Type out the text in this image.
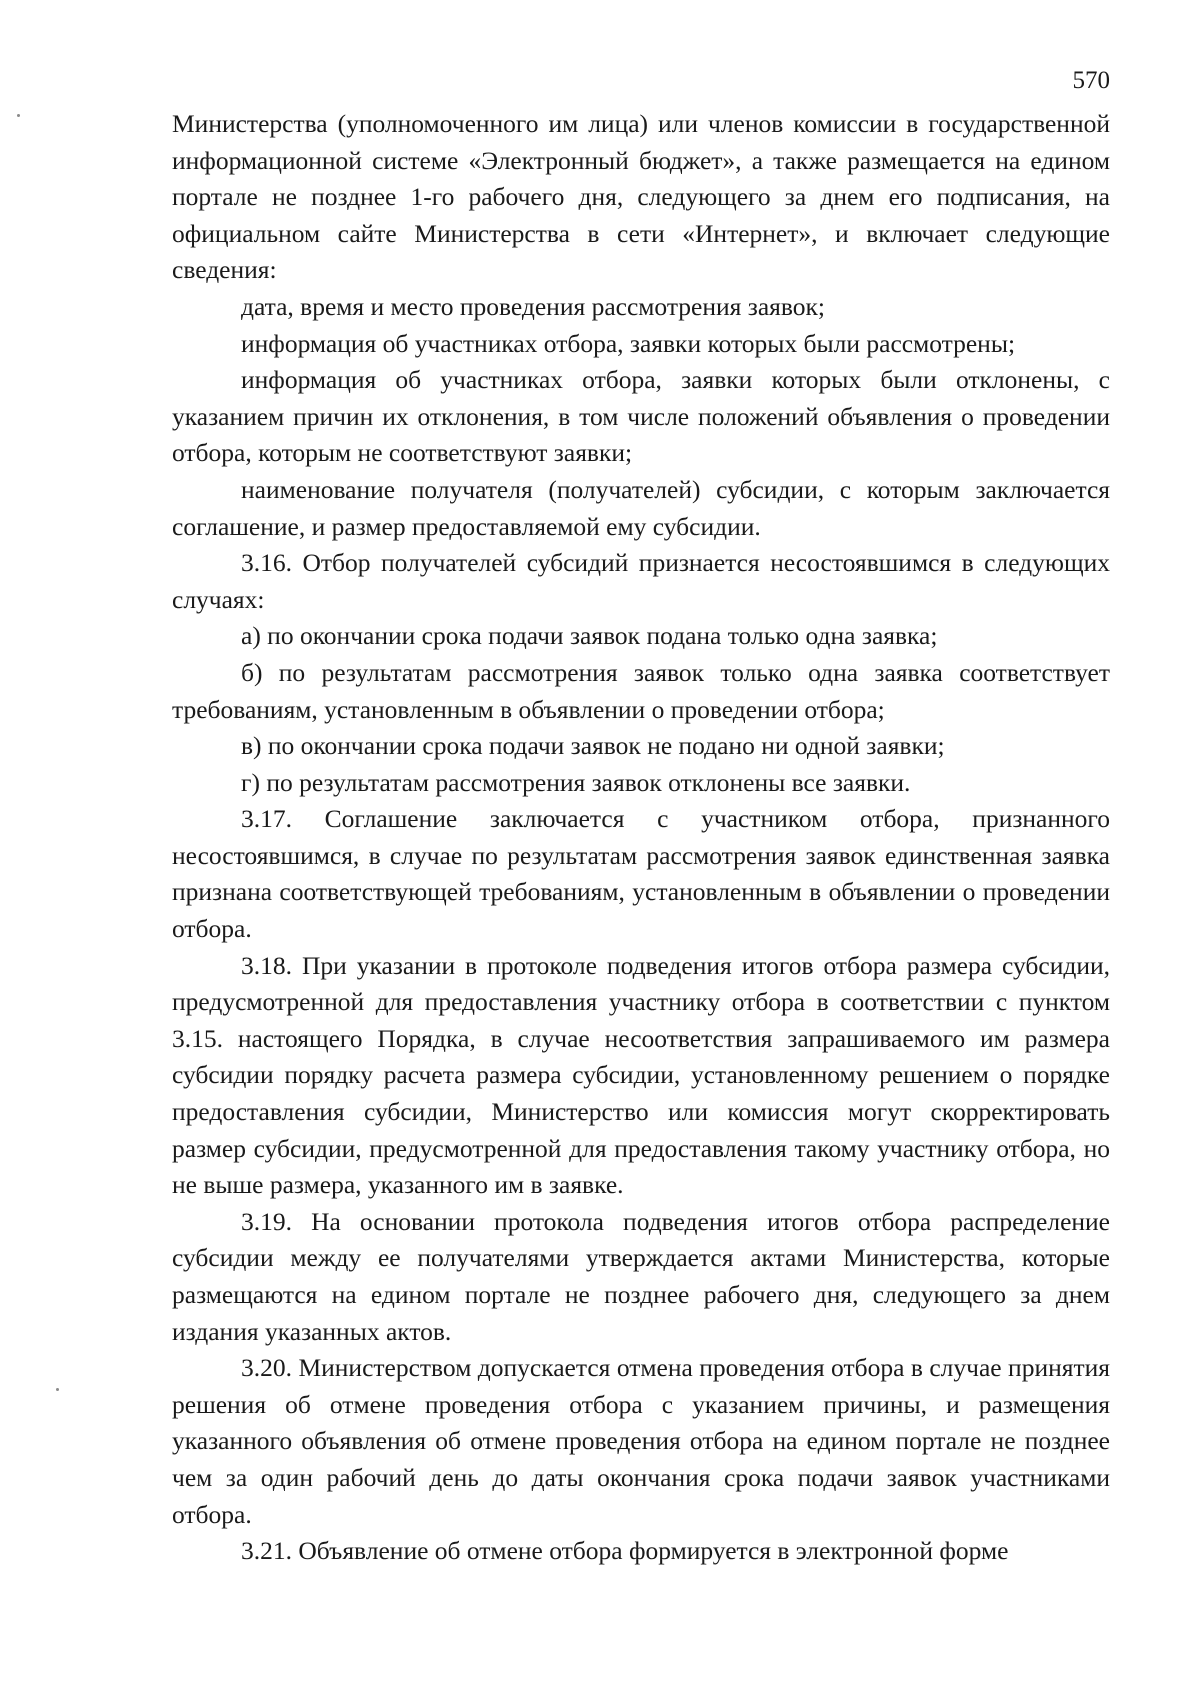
570

Министерства (уполномоченного им лица) или членов комиссии в государственной информационной системе «Электронный бюджет», а также размещается на едином портале не позднее 1-го рабочего дня, следующего за днем его подписания, на официальном сайте Министерства в сети «Интернет», и включает следующие сведения:

дата, время и место проведения рассмотрения заявок;

информация об участниках отбора, заявки которых были рассмотрены;

информация об участниках отбора, заявки которых были отклонены, с указанием причин их отклонения, в том числе положений объявления о проведении отбора, которым не соответствуют заявки;

наименование получателя (получателей) субсидии, с которым заключается соглашение, и размер предоставляемой ему субсидии.

3.16. Отбор получателей субсидий признается несостоявшимся в следующих случаях:

а) по окончании срока подачи заявок подана только одна заявка;

б) по результатам рассмотрения заявок только одна заявка соответствует требованиям, установленным в объявлении о проведении отбора;

в) по окончании срока подачи заявок не подано ни одной заявки;

г) по результатам рассмотрения заявок отклонены все заявки.

3.17. Соглашение заключается с участником отбора, признанного несостоявшимся, в случае по результатам рассмотрения заявок единственная заявка признана соответствующей требованиям, установленным в объявлении о проведении отбора.

3.18. При указании в протоколе подведения итогов отбора размера субсидии, предусмотренной для предоставления участнику отбора в соответствии с пунктом 3.15. настоящего Порядка, в случае несоответствия запрашиваемого им размера субсидии порядку расчета размера субсидии, установленному решением о порядке предоставления субсидии, Министерство или комиссия могут скорректировать размер субсидии, предусмотренной для предоставления такому участнику отбора, но не выше размера, указанного им в заявке.

3.19. На основании протокола подведения итогов отбора распределение субсидии между ее получателями утверждается актами Министерства, которые размещаются на едином портале не позднее рабочего дня, следующего за днем издания указанных актов.

3.20. Министерством допускается отмена проведения отбора в случае принятия решения об отмене проведения отбора с указанием причины, и размещения указанного объявления об отмене проведения отбора на едином портале не позднее чем за один рабочий день до даты окончания срока подачи заявок участниками отбора.

3.21. Объявление об отмене отбора формируется в электронной форме
